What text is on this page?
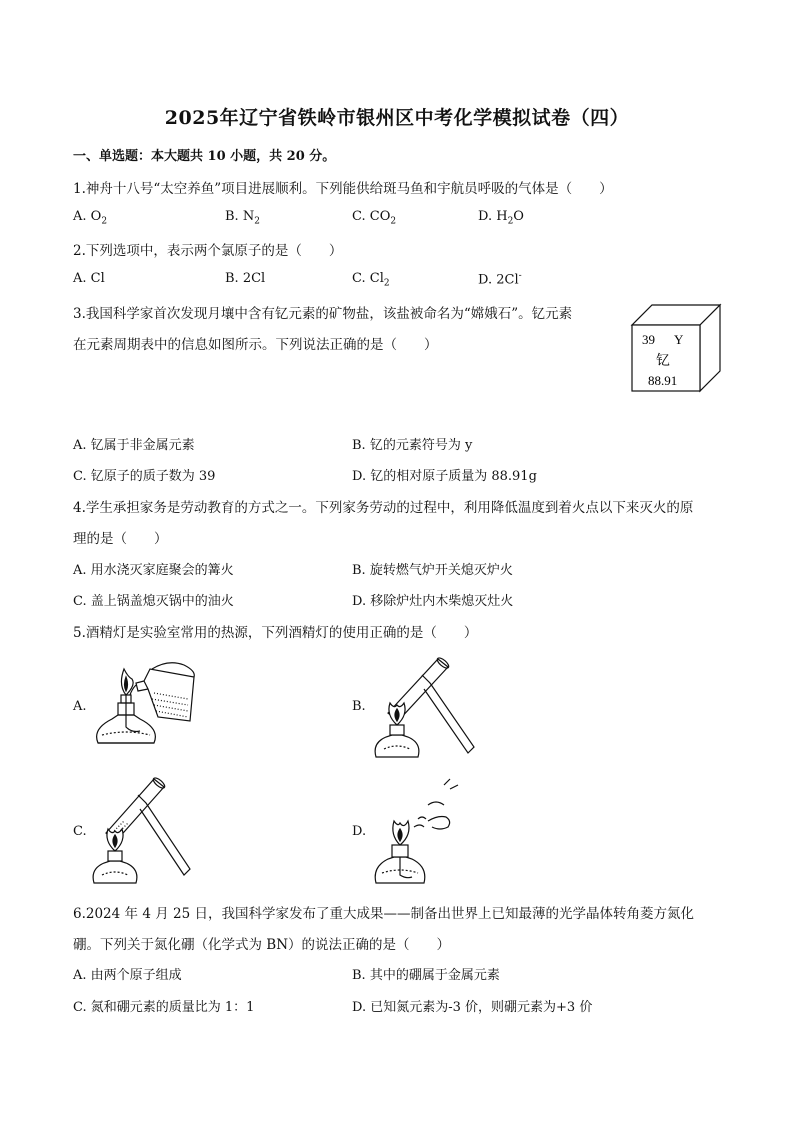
2025年辽宁省铁岭市银州区中考化学模拟试卷（四）
一、单选题：本大题共 10 小题，共 20 分。
1.神舟十八号“太空养鱼”项目进展顺利。下列能供给斑马鱼和宇航员呼吸的气体是（　　）
A. $O_2$	B. $N_2$	C. $CO_2$	D. $H_2O$
2.下列选项中，表示两个氯原子的是（　　）
A. Cl	B. 2Cl	C. $Cl_2$	D. 2Cl-
3.我国科学家首次发现月壤中含有钇元素的矿物盐，该盐被命名为“嫦娥石”。钇元素
在元素周期表中的信息如图所示。下列说法正确的是（　　）	39 Y
钇
88.91
A. 钇属于非金属元素	B. 钇的元素符号为 y
C. 钇原子的质子数为 39	D. 钇的相对原子质量为 88.91g
4.学生承担家务是劳动教育的方式之一。下列家务劳动的过程中，利用降低温度到着火点以下来灭火的原
理的是（　　）
A. 用水浇灭家庭聚会的篝火	B. 旋转燃气炉开关熄灭炉火
C. 盖上锅盖熄灭锅中的油火	D. 移除炉灶内木柴熄灭灶火
5.酒精灯是实验室常用的热源，下列酒精灯的使用正确的是（　　）
A.	B.
C.	D.
6.2024 年 4 月 25 日，我国科学家发布了重大成果——制备出世界上已知最薄的光学晶体转角菱方氮化
硼。下列关于氮化硼（化学式为 BN）的说法正确的是（　　）
A. 由两个原子组成	B. 其中的硼属于金属元素
C. 氮和硼元素的质量比为 1：1	D. 已知氮元素为-3 价，则硼元素为+3 价
